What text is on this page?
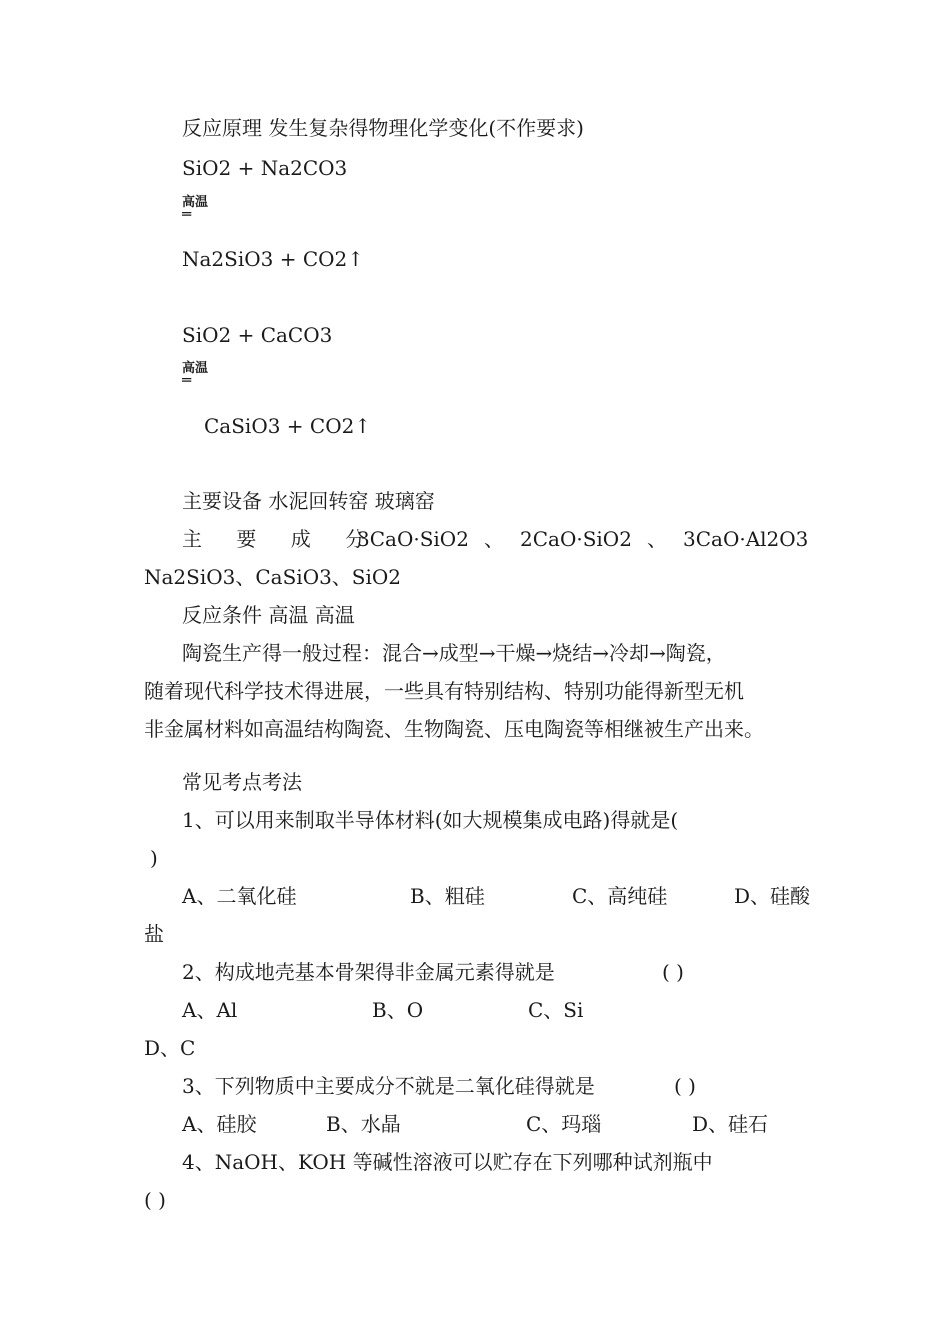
反应原理 发生复杂得物理化学变化(不作要求)
SiO2 + Na2CO3
高温
═
Na2SiO3 + CO2↑
SiO2 + CaCO3
高温
═
CaSiO3 + CO2↑
主要设备 水泥回转窑 玻璃窑
主 要 成 分
3CaO·SiO2 、 2CaO·SiO2 、 3CaO·Al2O3
Na2SiO3、CaSiO3、SiO2
反应条件 高温 高温
陶瓷生产得一般过程：混合→成型→干燥→烧结→冷却→陶瓷，
随着现代科学技术得进展，一些具有特别结构、特别功能得新型无机
非金属材料如高温结构陶瓷、生物陶瓷、压电陶瓷等相继被生产出来。
常见考点考法
1、可以用来制取半导体材料(如大规模集成电路)得就是(
)
A、二氧化硅	B、粗硅	C、高纯硅	D、硅酸
盐
2、构成地壳基本骨架得非金属元素得就是	( )
A、Al	B、O	C、Si
D、C
3、下列物质中主要成分不就是二氧化硅得就是	( )
A、硅胶	B、水晶	C、玛瑙	D、硅石
4、NaOH、KOH 等碱性溶液可以贮存在下列哪种试剂瓶中
( )
